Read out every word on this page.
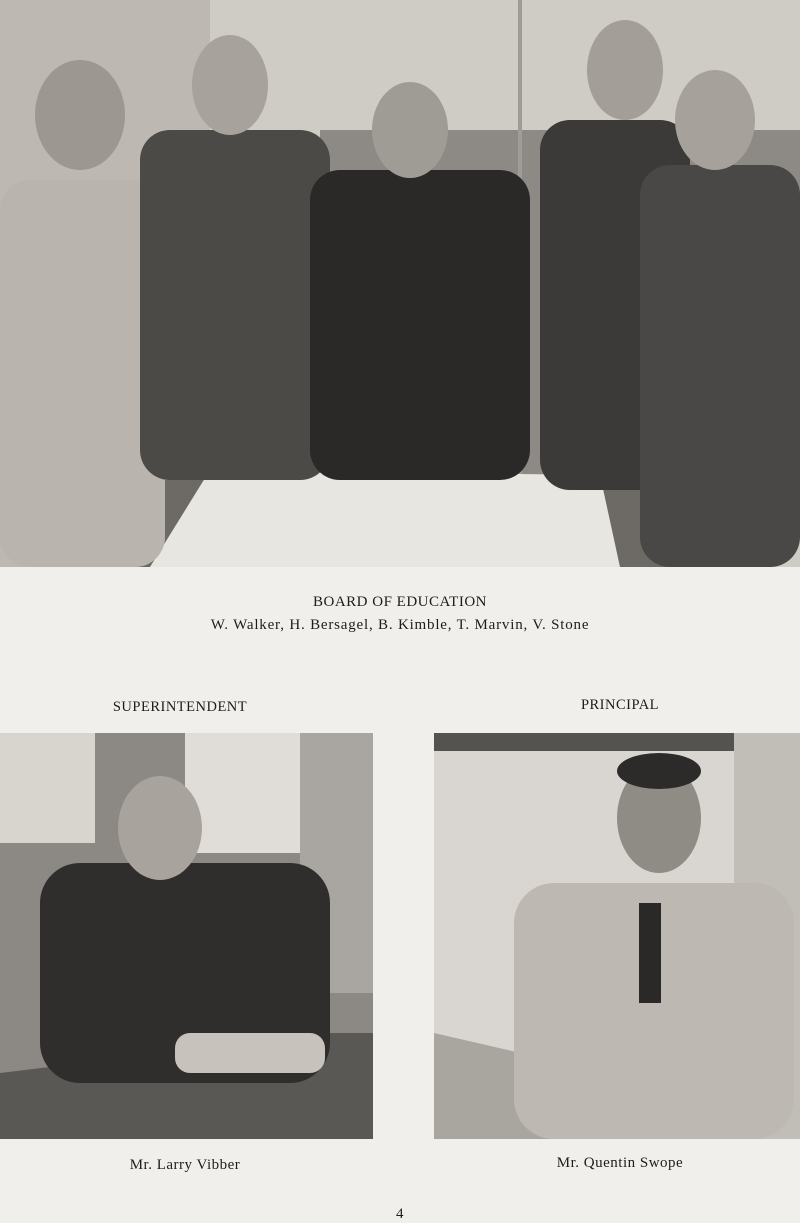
BOARD OF EDUCATION
W. Walker, H. Bersagel, B. Kimble, T. Marvin, V. Stone
SUPERINTENDENT	PRINCIPAL
Mr. Larry Vibber	Mr. Quentin Swope
4
